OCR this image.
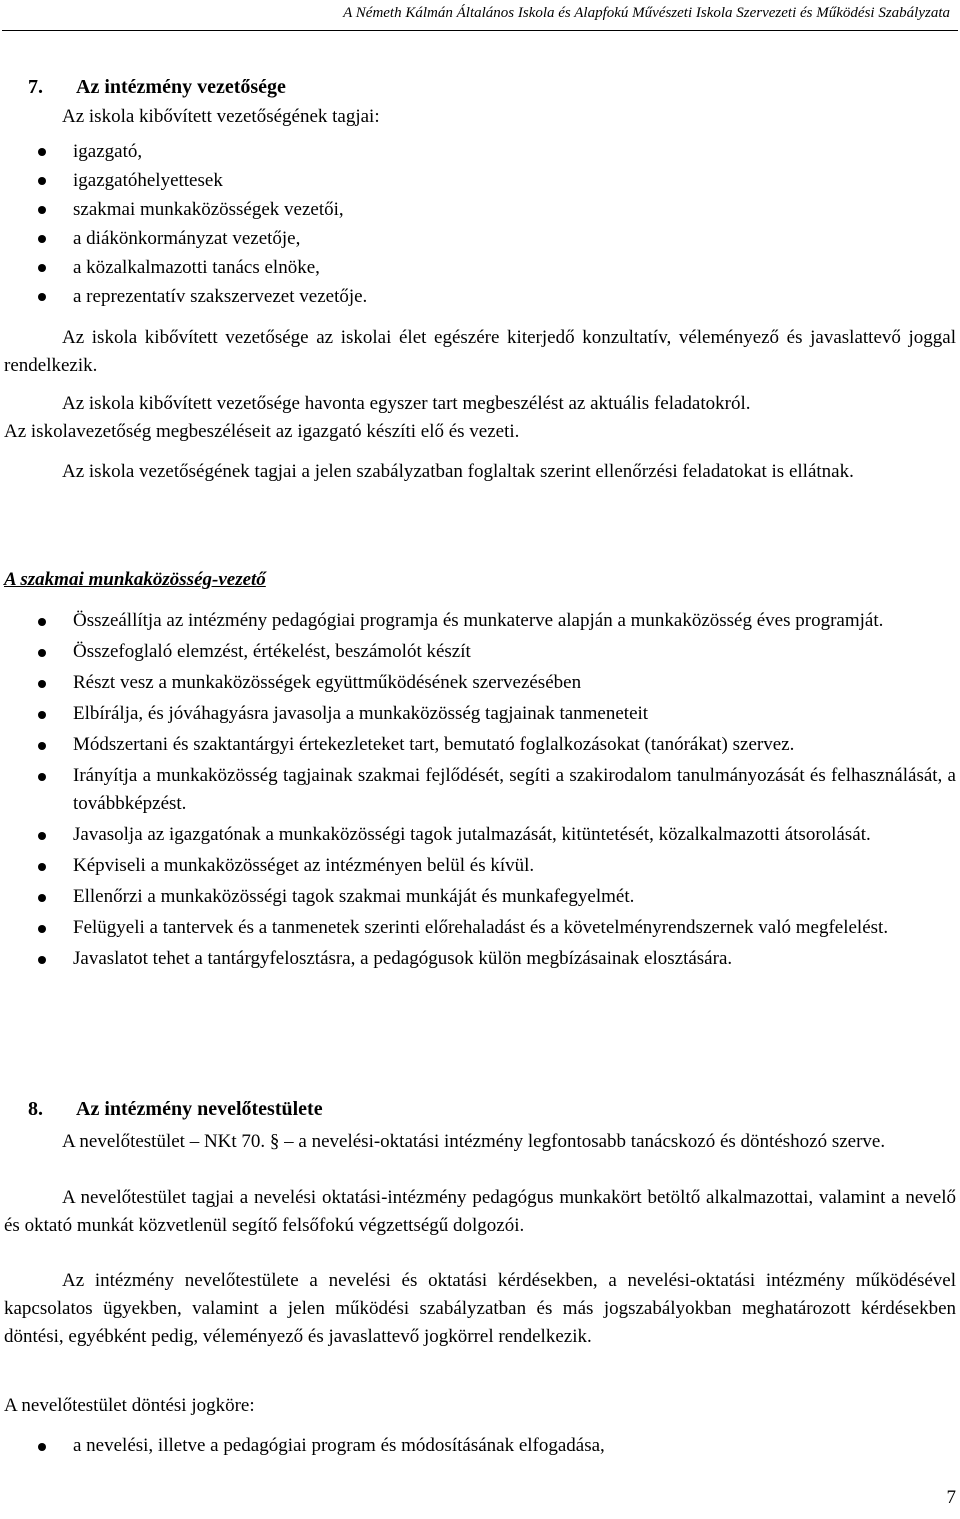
A Németh Kálmán Általános Iskola és Alapfokú Művészeti Iskola Szervezeti és Működési Szabályzata
7. Az intézmény vezetősége
Az iskola kibővített vezetőségének tagjai:
igazgató,
igazgatóhelyettesek
szakmai munkaközösségek vezetői,
a diákönkormányzat vezetője,
a közalkalmazotti tanács elnöke,
a reprezentatív szakszervezet vezetője.
Az iskola kibővített vezetősége az iskolai élet egészére kiterjedő konzultatív, véleményező és javaslattevő joggal rendelkezik.
Az iskola kibővített vezetősége havonta egyszer tart megbeszélést az aktuális feladatokról.
Az iskolavezetőség megbeszéléseit az igazgató készíti elő és vezeti.
Az iskola vezetőségének tagjai a jelen szabályzatban foglaltak szerint ellenőrzési feladatokat is ellátnak.
A szakmai munkaközösség-vezető
Összeállítja az intézmény pedagógiai programja és munkaterve alapján a munkaközösség éves programját.
Összefoglaló elemzést, értékelést, beszámolót készít
Részt vesz a munkaközösségek együttműködésének szervezésében
Elbírálja, és jóváhagyásra javasolja a munkaközösség tagjainak tanmeneteit
Módszertani és szaktantárgyi értekezleteket tart, bemutató foglalkozásokat (tanórákat) szervez.
Irányítja a munkaközösség tagjainak szakmai fejlődését, segíti a szakirodalom tanulmányozását és felhasználását, a továbbképzést.
Javasolja az igazgatónak a munkaközösségi tagok jutalmazását, kitüntetését, közalkalmazotti átsorolását.
Képviseli a munkaközösséget az intézményen belül és kívül.
Ellenőrzi a munkaközösségi tagok szakmai munkáját és munkafegyelmét.
Felügyeli a tantervek és a tanmenetek szerinti előrehaladást és a követelményrendszernek való megfelelést.
Javaslatot tehet a tantárgyfelosztásra, a pedagógusok külön megbízásainak elosztására.
8. Az intézmény nevelőtestülete
A nevelőtestület – NKt 70. § – a nevelési-oktatási intézmény legfontosabb tanácskozó és döntéshozó szerve.
A nevelőtestület tagjai a nevelési oktatási-intézmény pedagógus munkakört betöltő alkalmazottai, valamint a nevelő és oktató munkát közvetlenül segítő felsőfokú végzettségű dolgozói.
Az intézmény nevelőtestülete a nevelési és oktatási kérdésekben, a nevelési-oktatási intézmény működésével kapcsolatos ügyekben, valamint a jelen működési szabályzatban és más jogszabályokban meghatározott kérdésekben döntési, egyébként pedig, véleményező és javaslattevő jogkörrel rendelkezik.
A nevelőtestület döntési jogköre:
a nevelési, illetve a pedagógiai program és módosításának elfogadása,
7
